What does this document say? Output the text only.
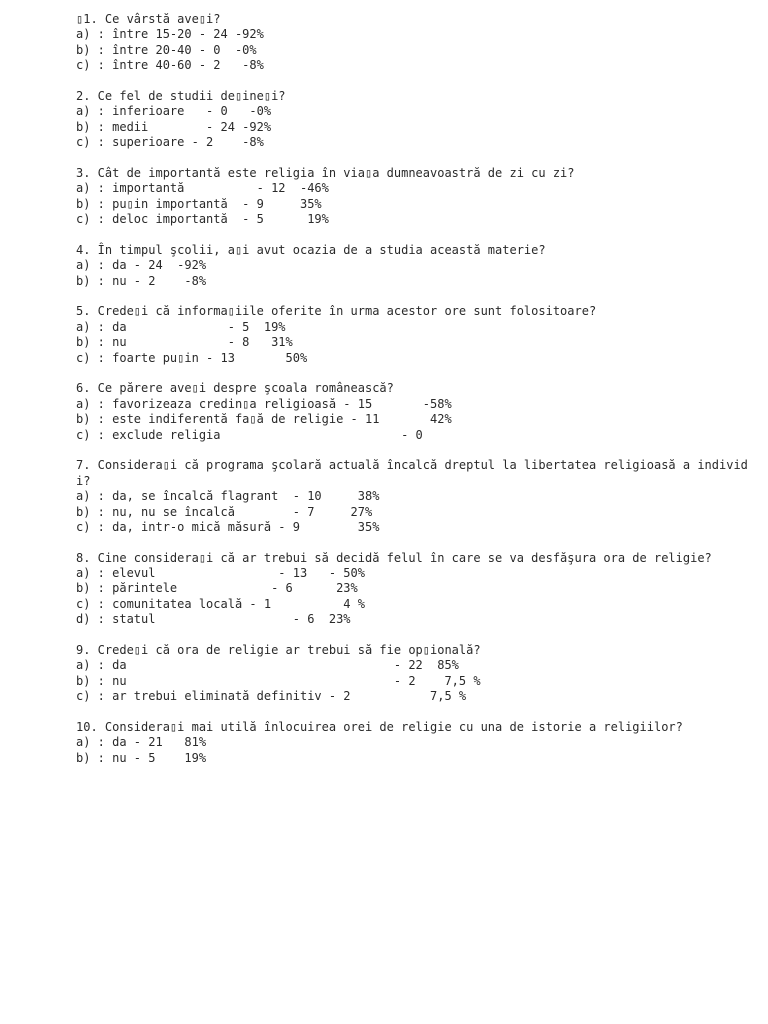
▯1. Ce vârstă ave▯i?
a) : între 15-20 - 24 -92%
b) : între 20-40 - 0  -0%
c) : între 40-60 - 2   -8%
2. Ce fel de studii de▯ine▯i?
a) : inferioare   - 0   -0%
b) : medii        - 24 -92%
c) : superioare - 2    -8%
3. Cât de importantă este religia în via▯a dumneavoastră de zi cu zi?
a) : importantă          - 12  -46%
b) : pu▯in importantă  - 9     35%
c) : deloc importantă  - 5      19%
4. În timpul şcolii, a▯i avut ocazia de a studia această materie?
a) : da - 24  -92%
b) : nu - 2    -8%
5. Crede▯i că informa▯iile oferite în urma acestor ore sunt folositoare?
a) : da              - 5  19%
b) : nu              - 8   31%
c) : foarte pu▯in - 13       50%
6. Ce părere ave▯i despre şcoala românească?
a) : favorizeaza credin▯a religioasă - 15       -58%
b) : este indiferentă fa▯ă de religie - 11       42%
c) : exclude religia                         - 0
7. Considera▯i că programa şcolară actuală încalcă dreptul la libertatea religioasă a individ
i?
a) : da, se încalcă flagrant  - 10     38%
b) : nu, nu se încalcă        - 7     27%
c) : da, intr-o mică măsură - 9        35%
8. Cine considera▯i că ar trebui să decidă felul în care se va desfăşura ora de religie?
a) : elevul                 - 13   - 50%
b) : părintele             - 6      23%
c) : comunitatea locală - 1          4 %
d) : statul                   - 6  23%
9. Crede▯i că ora de religie ar trebui să fie op▯ională?
a) : da                                     - 22  85%
b) : nu                                     - 2    7,5 %
c) : ar trebui eliminată definitiv - 2           7,5 %
10. Considera▯i mai utilă înlocuirea orei de religie cu una de istorie a religiilor?
a) : da - 21   81%
b) : nu - 5    19%
